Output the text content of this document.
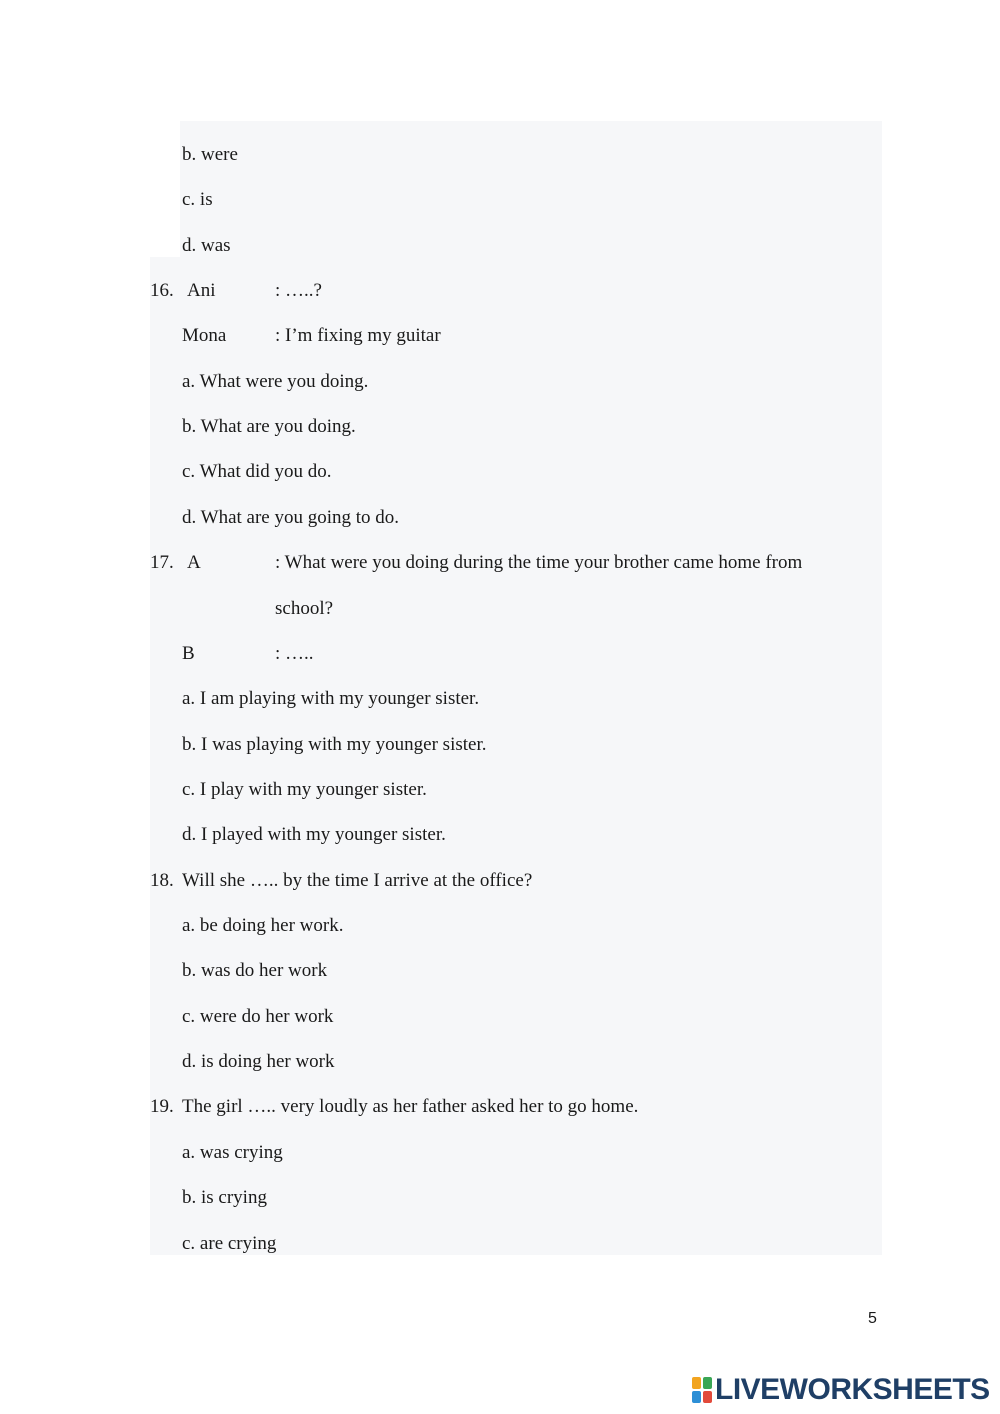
b. were
c. is
d. was
16. Ani	: …..?
Mona	: I’m fixing my guitar
a. What were you doing.
b. What are you doing.
c. What did you do.
d. What are you going to do.
17. A	: What were you doing during the time your brother came home from
school?
B	: …..
a. I am playing with my younger sister.
b. I was playing with my younger sister.
c. I play with my younger sister.
d. I played with my younger sister.
18. Will she ….. by the time I arrive at the office?
a. be doing her work.
b. was do her work
c. were do her work
d. is doing her work
19. The girl ….. very loudly as her father asked her to go home.
a. was crying
b. is crying
c. are crying
5
LIVEWORKSHEETS
